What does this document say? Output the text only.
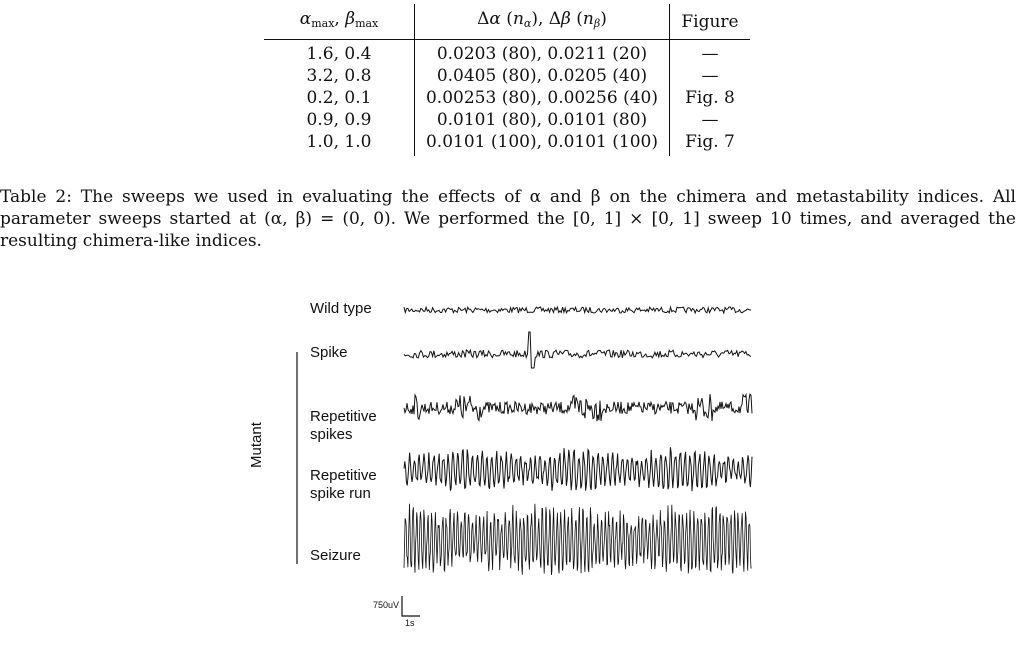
$\alpha_{max}$, $\beta_{max}$	Δα $(n_\alpha)$, Δβ $(n_\beta)$	Figure
1.6, 0.4	0.0203 (80), 0.0211 (20)	—
3.2, 0.8	0.0405 (80), 0.0205 (40)	—
0.2, 0.1	0.00253 (80), 0.00256 (40)	Fig. 8
0.9, 0.9	0.0101 (80), 0.0101 (80)	—
1.0, 1.0	0.0101 (100), 0.0101 (100)	Fig. 7
Table 2: The sweeps we used in evaluating the effects of α and β on the chimera and metastability indices. All parameter sweeps started at (α, β) = (0, 0). We performed the [0, 1] × [0, 1] sweep 10 times, and averaged the resulting chimera-like indices.
Wild type
Spike
Repetitive
spikes
Repetitive
spike run
Seizure
Mutant
750uV
1s
